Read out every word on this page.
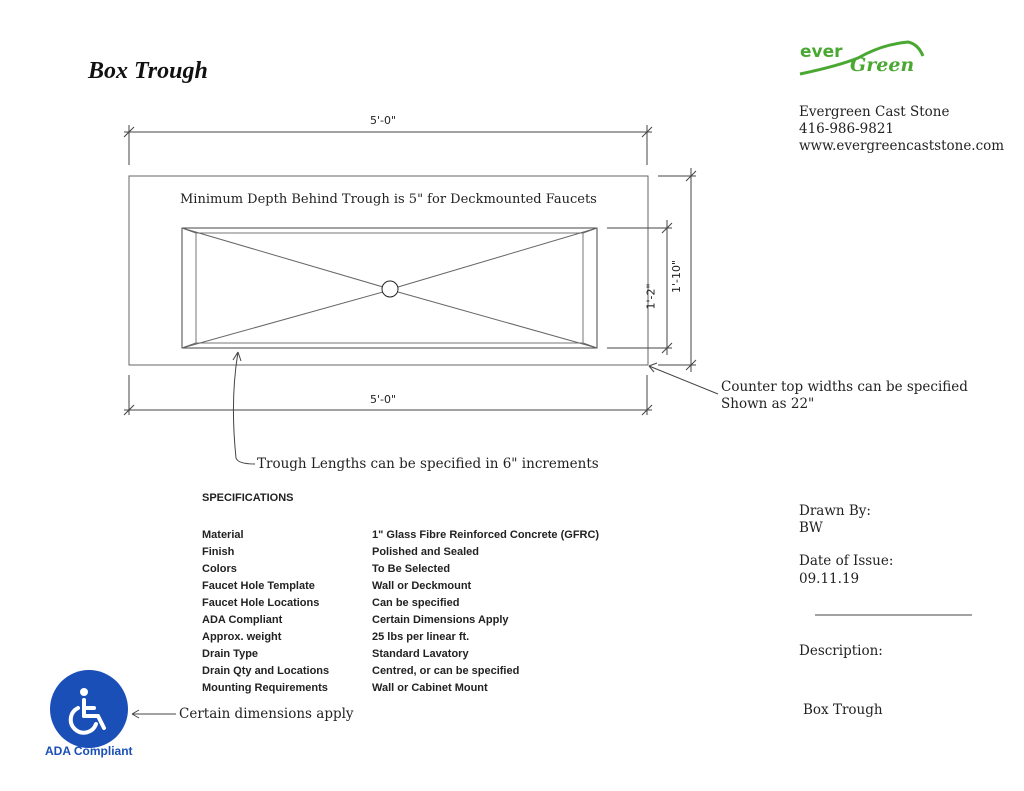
Box Trough
ever
Green
Evergreen Cast Stone
416-986-9821
www.evergreencaststone.com
5'-0"
5'-0"
1'-2"
1'-10"
Minimum Depth Behind Trough is 5" for Deckmounted Faucets
Counter top widths can be specified
Shown as 22"
Trough Lengths can be specified in 6" increments
SPECIFICATIONS
Material	1" Glass Fibre Reinforced Concrete (GFRC)
Finish	Polished and Sealed
Colors	To Be Selected
Faucet Hole Template	Wall or Deckmount
Faucet Hole Locations	Can be specified
ADA Compliant	Certain Dimensions Apply
Approx. weight	25 lbs per linear ft.
Drain Type	Standard Lavatory
Drain Qty and Locations	Centred, or can be specified
Mounting Requirements	Wall or Cabinet Mount
ADA Compliant
Certain dimensions apply
Drawn By:
BW
Date of Issue:
09.11.19
Description:
Box Trough
